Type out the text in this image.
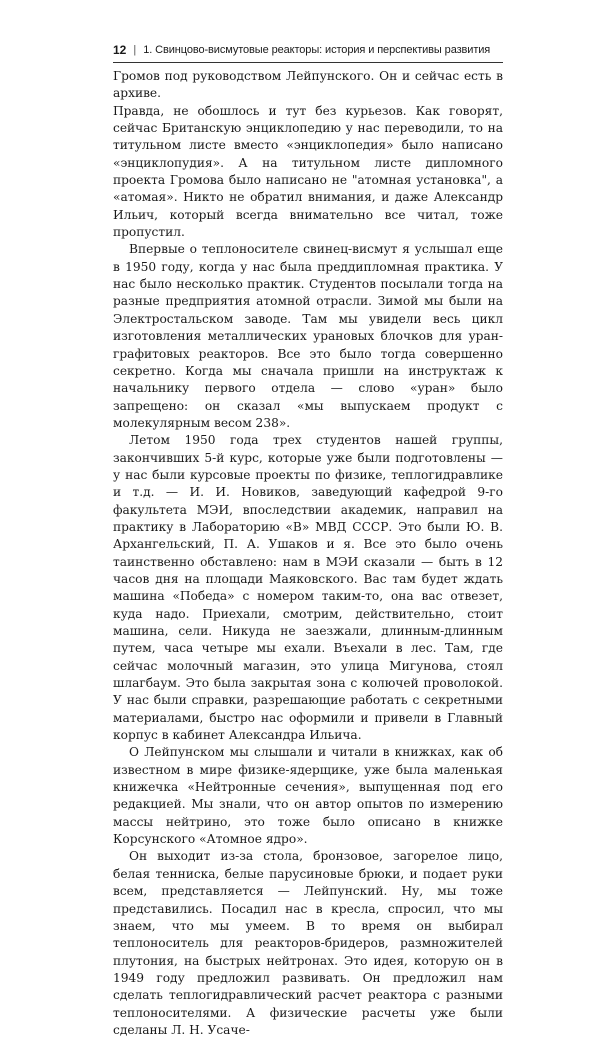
12 | 1. Свинцово-висмутовые реакторы: история и перспективы развития

Громов под руководством Лейпунского. Он и сейчас есть в архиве.
Правда, не обошлось и тут без курьезов. Как говорят, сейчас Британскую энциклопедию у нас переводили, то на титульном листе вместо «энциклопедия» было написано «энциклопудия». А на титульном листе дипломного проекта Громова было написано не "атомная установка", а «атомая». Никто не обратил внимания, и даже Александр Ильич, который всегда внимательно все читал, тоже пропустил.

Впервые о теплоносителе свинец-висмут я услышал еще в 1950 году, когда у нас была преддипломная практика. У нас было несколько практик. Студентов посылали тогда на разные предприятия атомной отрасли. Зимой мы были на Электростальском заводе. Там мы увидели весь цикл изготовления металлических урановых блочков для уран-графитовых реакторов. Все это было тогда совершенно секретно. Когда мы сначала пришли на инструктаж к начальнику первого отдела — слово «уран» было запрещено: он сказал «мы выпускаем продукт с молекулярным весом 238».

Летом 1950 года трех студентов нашей группы, закончивших 5-й курс, которые уже были подготовлены — у нас были курсовые проекты по физике, теплогидравлике и т.д. — И. И. Новиков, заведующий кафедрой 9-го факультета МЭИ, впоследствии академик, направил на практику в Лабораторию «В» МВД СССР. Это были Ю. В. Архангельский, П. А. Ушаков и я. Все это было очень таинственно обставлено: нам в МЭИ сказали — быть в 12 часов дня на площади Маяковского. Вас там будет ждать машина «Победа» с номером таким-то, она вас отвезет, куда надо. Приехали, смотрим, действительно, стоит машина, сели. Никуда не заезжали, длинным-длинным путем, часа четыре мы ехали. Въехали в лес. Там, где сейчас молочный магазин, это улица Мигунова, стоял шлагбаум. Это была закрытая зона с колючей проволокой. У нас были справки, разрешающие работать с секретными материалами, быстро нас оформили и привели в Главный корпус в кабинет Александра Ильича.

О Лейпунском мы слышали и читали в книжках, как об известном в мире физике-ядерщике, уже была маленькая книжечка «Нейтронные сечения», выпущенная под его редакцией. Мы знали, что он автор опытов по измерению массы нейтрино, это тоже было описано в книжке Корсунского «Атомное ядро».

Он выходит из-за стола, бронзовое, загорелое лицо, белая тенниска, белые парусиновые брюки, и подает руки всем, представляется — Лейпунский. Ну, мы тоже представились. Посадил нас в кресла, спросил, что мы знаем, что мы умеем. В то время он выбирал теплоноситель для реакторов-бридеров, размножителей плутония, на быстрых нейтронах. Это идея, которую он в 1949 году предложил развивать. Он предложил нам сделать теплогидравлический расчет реактора с разными теплоносителями. А физические расчеты уже были сделаны Л. Н. Усаче-
